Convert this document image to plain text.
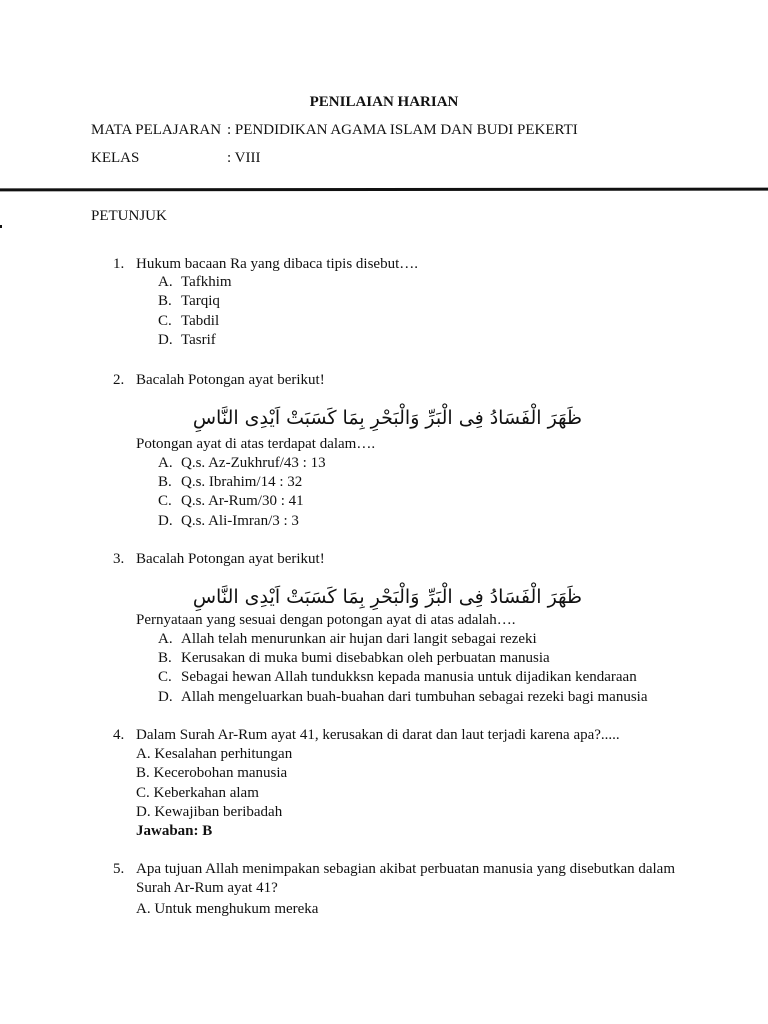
PENILAIAN HARIAN
MATA PELAJARAN : PENDIDIKAN AGAMA ISLAM DAN BUDI PEKERTI
KELAS	: VIII
PETUNJUK
1. Hukum bacaan Ra yang dibaca tipis disebut….
A. Tafkhim
B. Tarqiq
C. Tabdil
D. Tasrif
2. Bacalah Potongan ayat berikut!
ظَهَرَ الْفَسَادُ فِى الْبَرِّ وَالْبَحْرِ بِمَا كَسَبَتْ اَيْدِى النَّاسِ
Potongan ayat di atas terdapat dalam….
A. Q.s. Az-Zukhruf/43 : 13
B. Q.s. Ibrahim/14 : 32
C. Q.s. Ar-Rum/30 : 41
D. Q.s. Ali-Imran/3 : 3
3. Bacalah Potongan ayat berikut!
ظَهَرَ الْفَسَادُ فِى الْبَرِّ وَالْبَحْرِ بِمَا كَسَبَتْ اَيْدِى النَّاسِ
Pernyataan yang sesuai dengan potongan ayat di atas adalah….
A. Allah telah menurunkan air hujan dari langit sebagai rezeki
B. Kerusakan di muka bumi disebabkan oleh perbuatan manusia
C. Sebagai hewan Allah tundukksn kepada manusia untuk dijadikan kendaraan
D. Allah mengeluarkan buah-buahan dari tumbuhan sebagai rezeki bagi manusia
4. Dalam Surah Ar-Rum ayat 41, kerusakan di darat dan laut terjadi karena apa?.....
A. Kesalahan perhitungan
B. Kecerobohan manusia
C. Keberkahan alam
D. Kewajiban beribadah
Jawaban: B
5. Apa tujuan Allah menimpakan sebagian akibat perbuatan manusia yang disebutkan dalam
Surah Ar-Rum ayat 41?
A. Untuk menghukum mereka
